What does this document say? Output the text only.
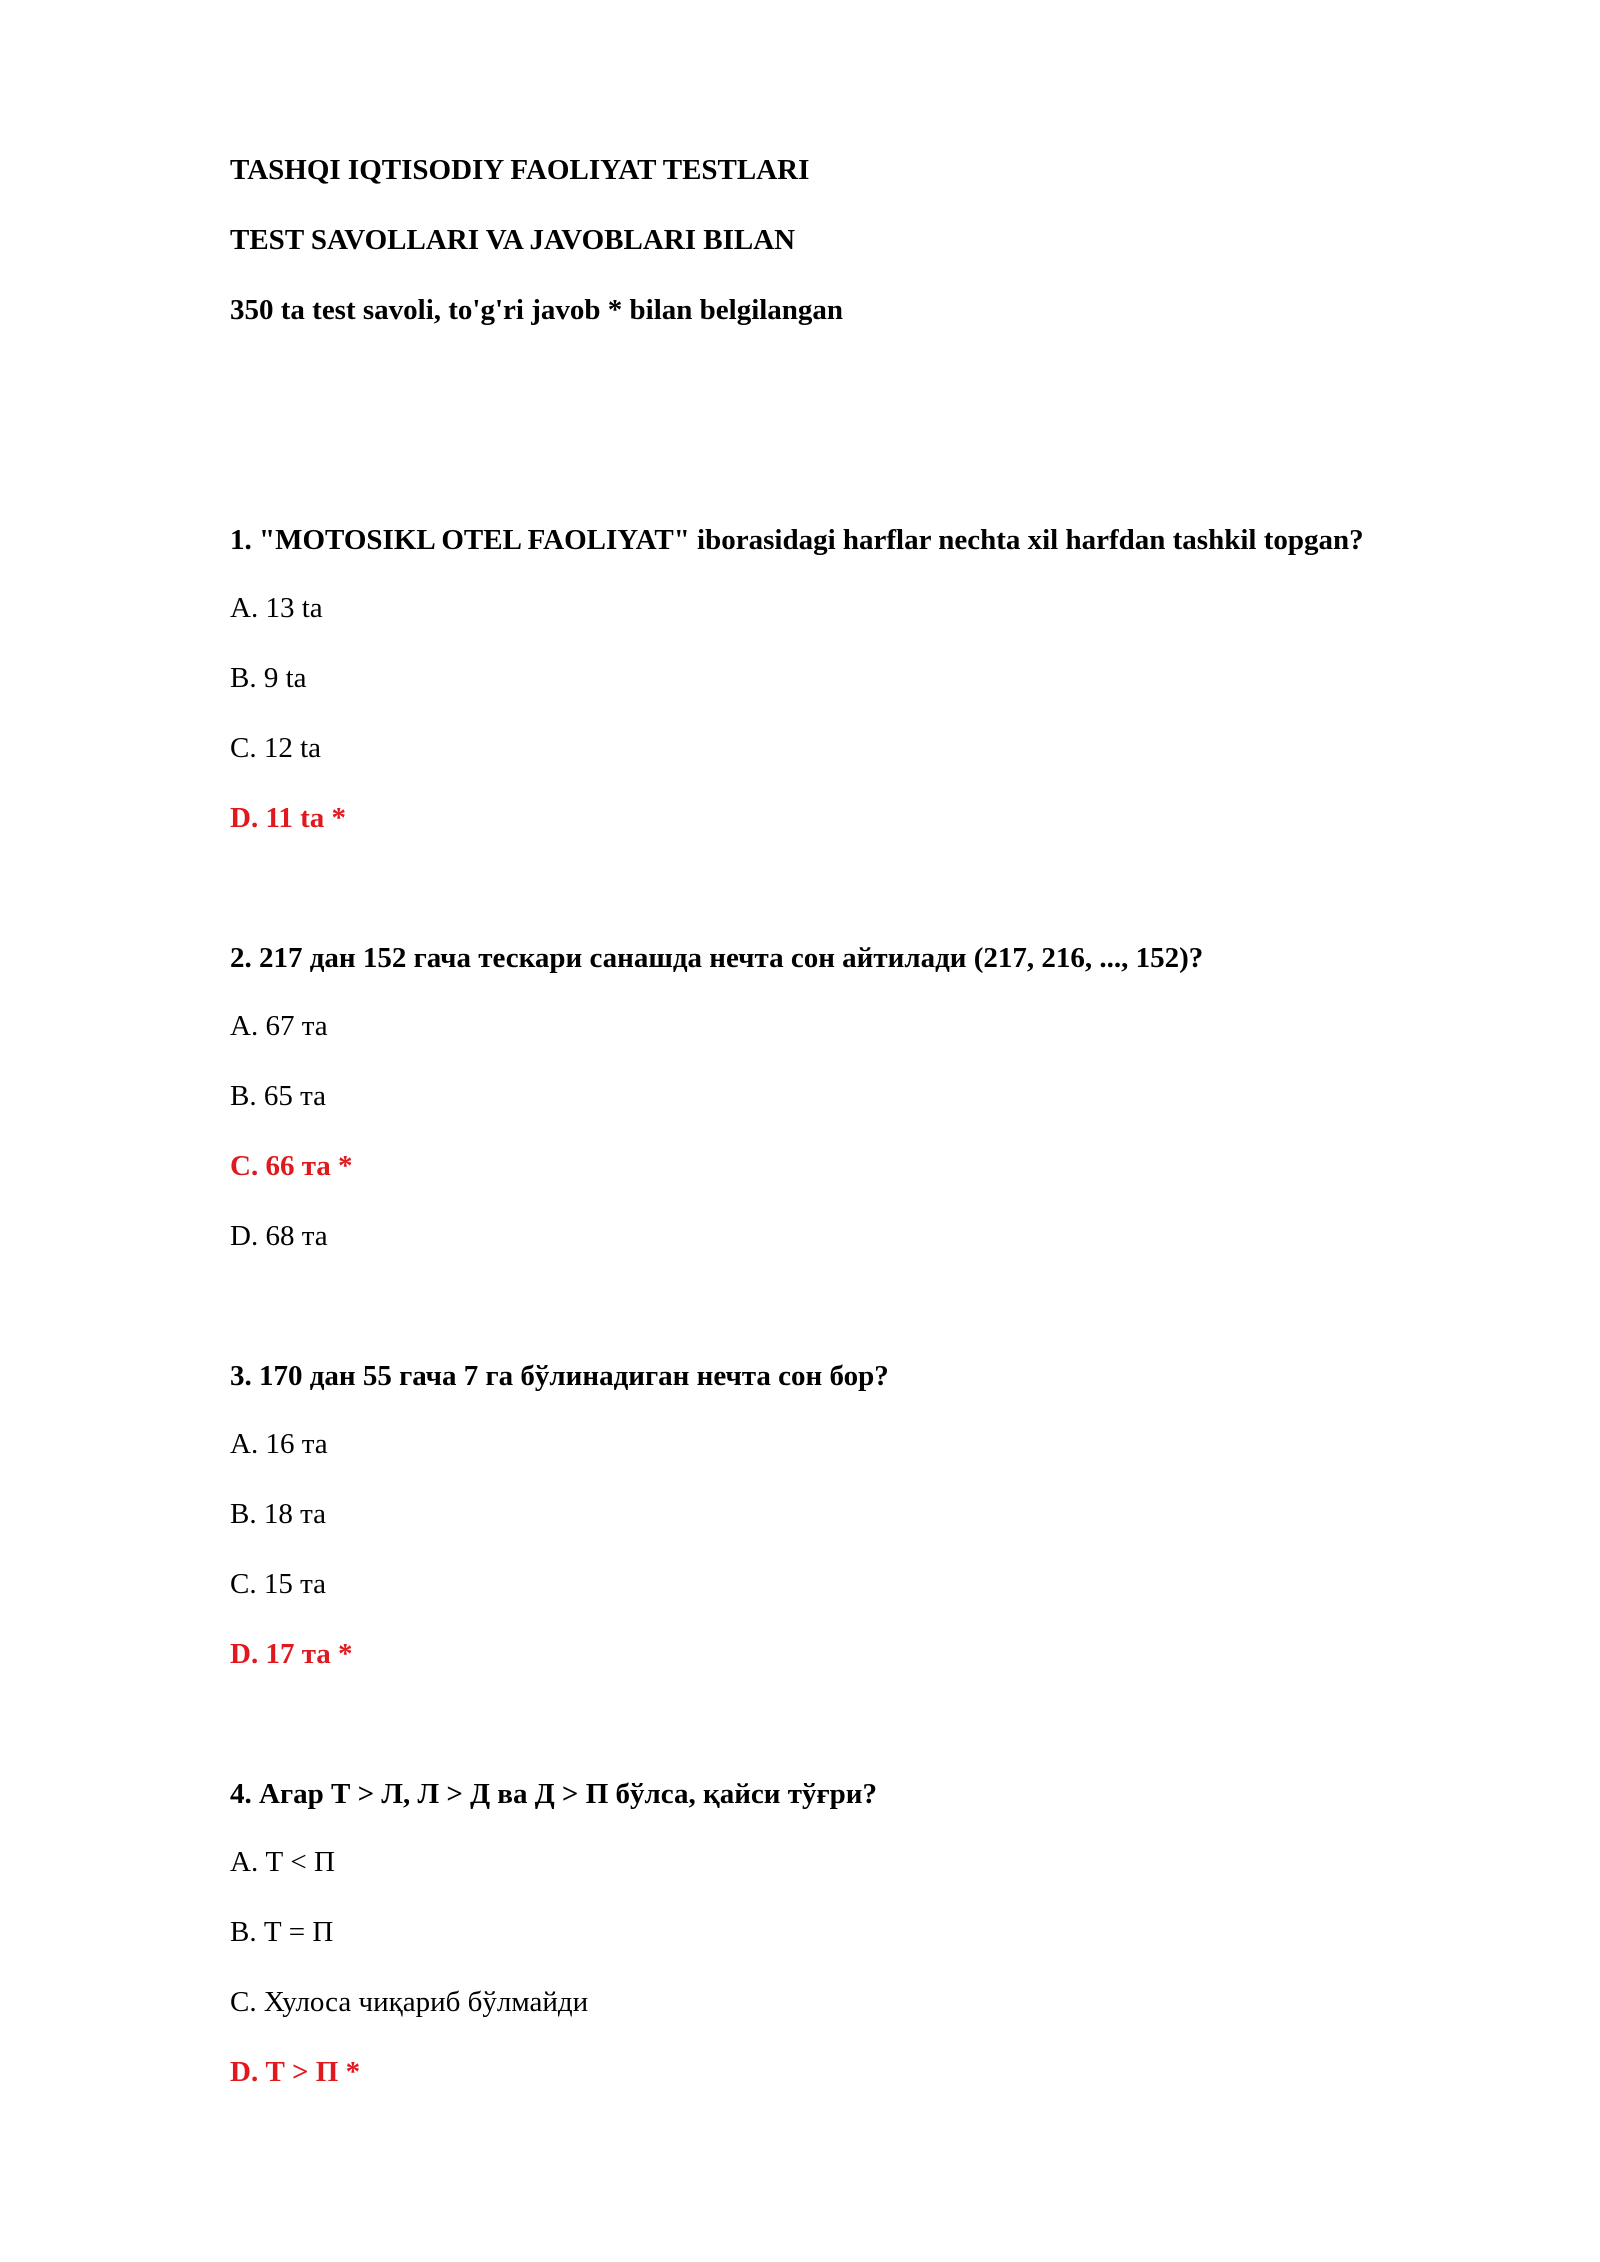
TASHQI IQTISODIY FAOLIYAT TESTLARI
TEST SAVOLLARI VA JAVOBLARI BILAN
350 ta test savoli, to'g'ri javob * bilan belgilangan
1. "MOTOSIKL OTEL FAOLIYAT" iborasidagi harflar nechta xil harfdan tashkil topgan?
A. 13 ta
B. 9 ta
C. 12 ta
D. 11 ta *
2. 217 дан 152 гача тескари санашда нечта сон айтилади (217, 216, ..., 152)?
A. 67 та
B. 65 та
C. 66 та *
D. 68 та
3. 170 дан 55 гача 7 га бўлинадиган нечта сон бор?
A. 16 та
B. 18 та
C. 15 та
D. 17 та *
4. Агар Т > Л, Л > Д ва Д > П бўлса, қайси тўғри?
A. Т < П
B. Т = П
C. Хулоса чиқариб бўлмайди
D. Т > П *
